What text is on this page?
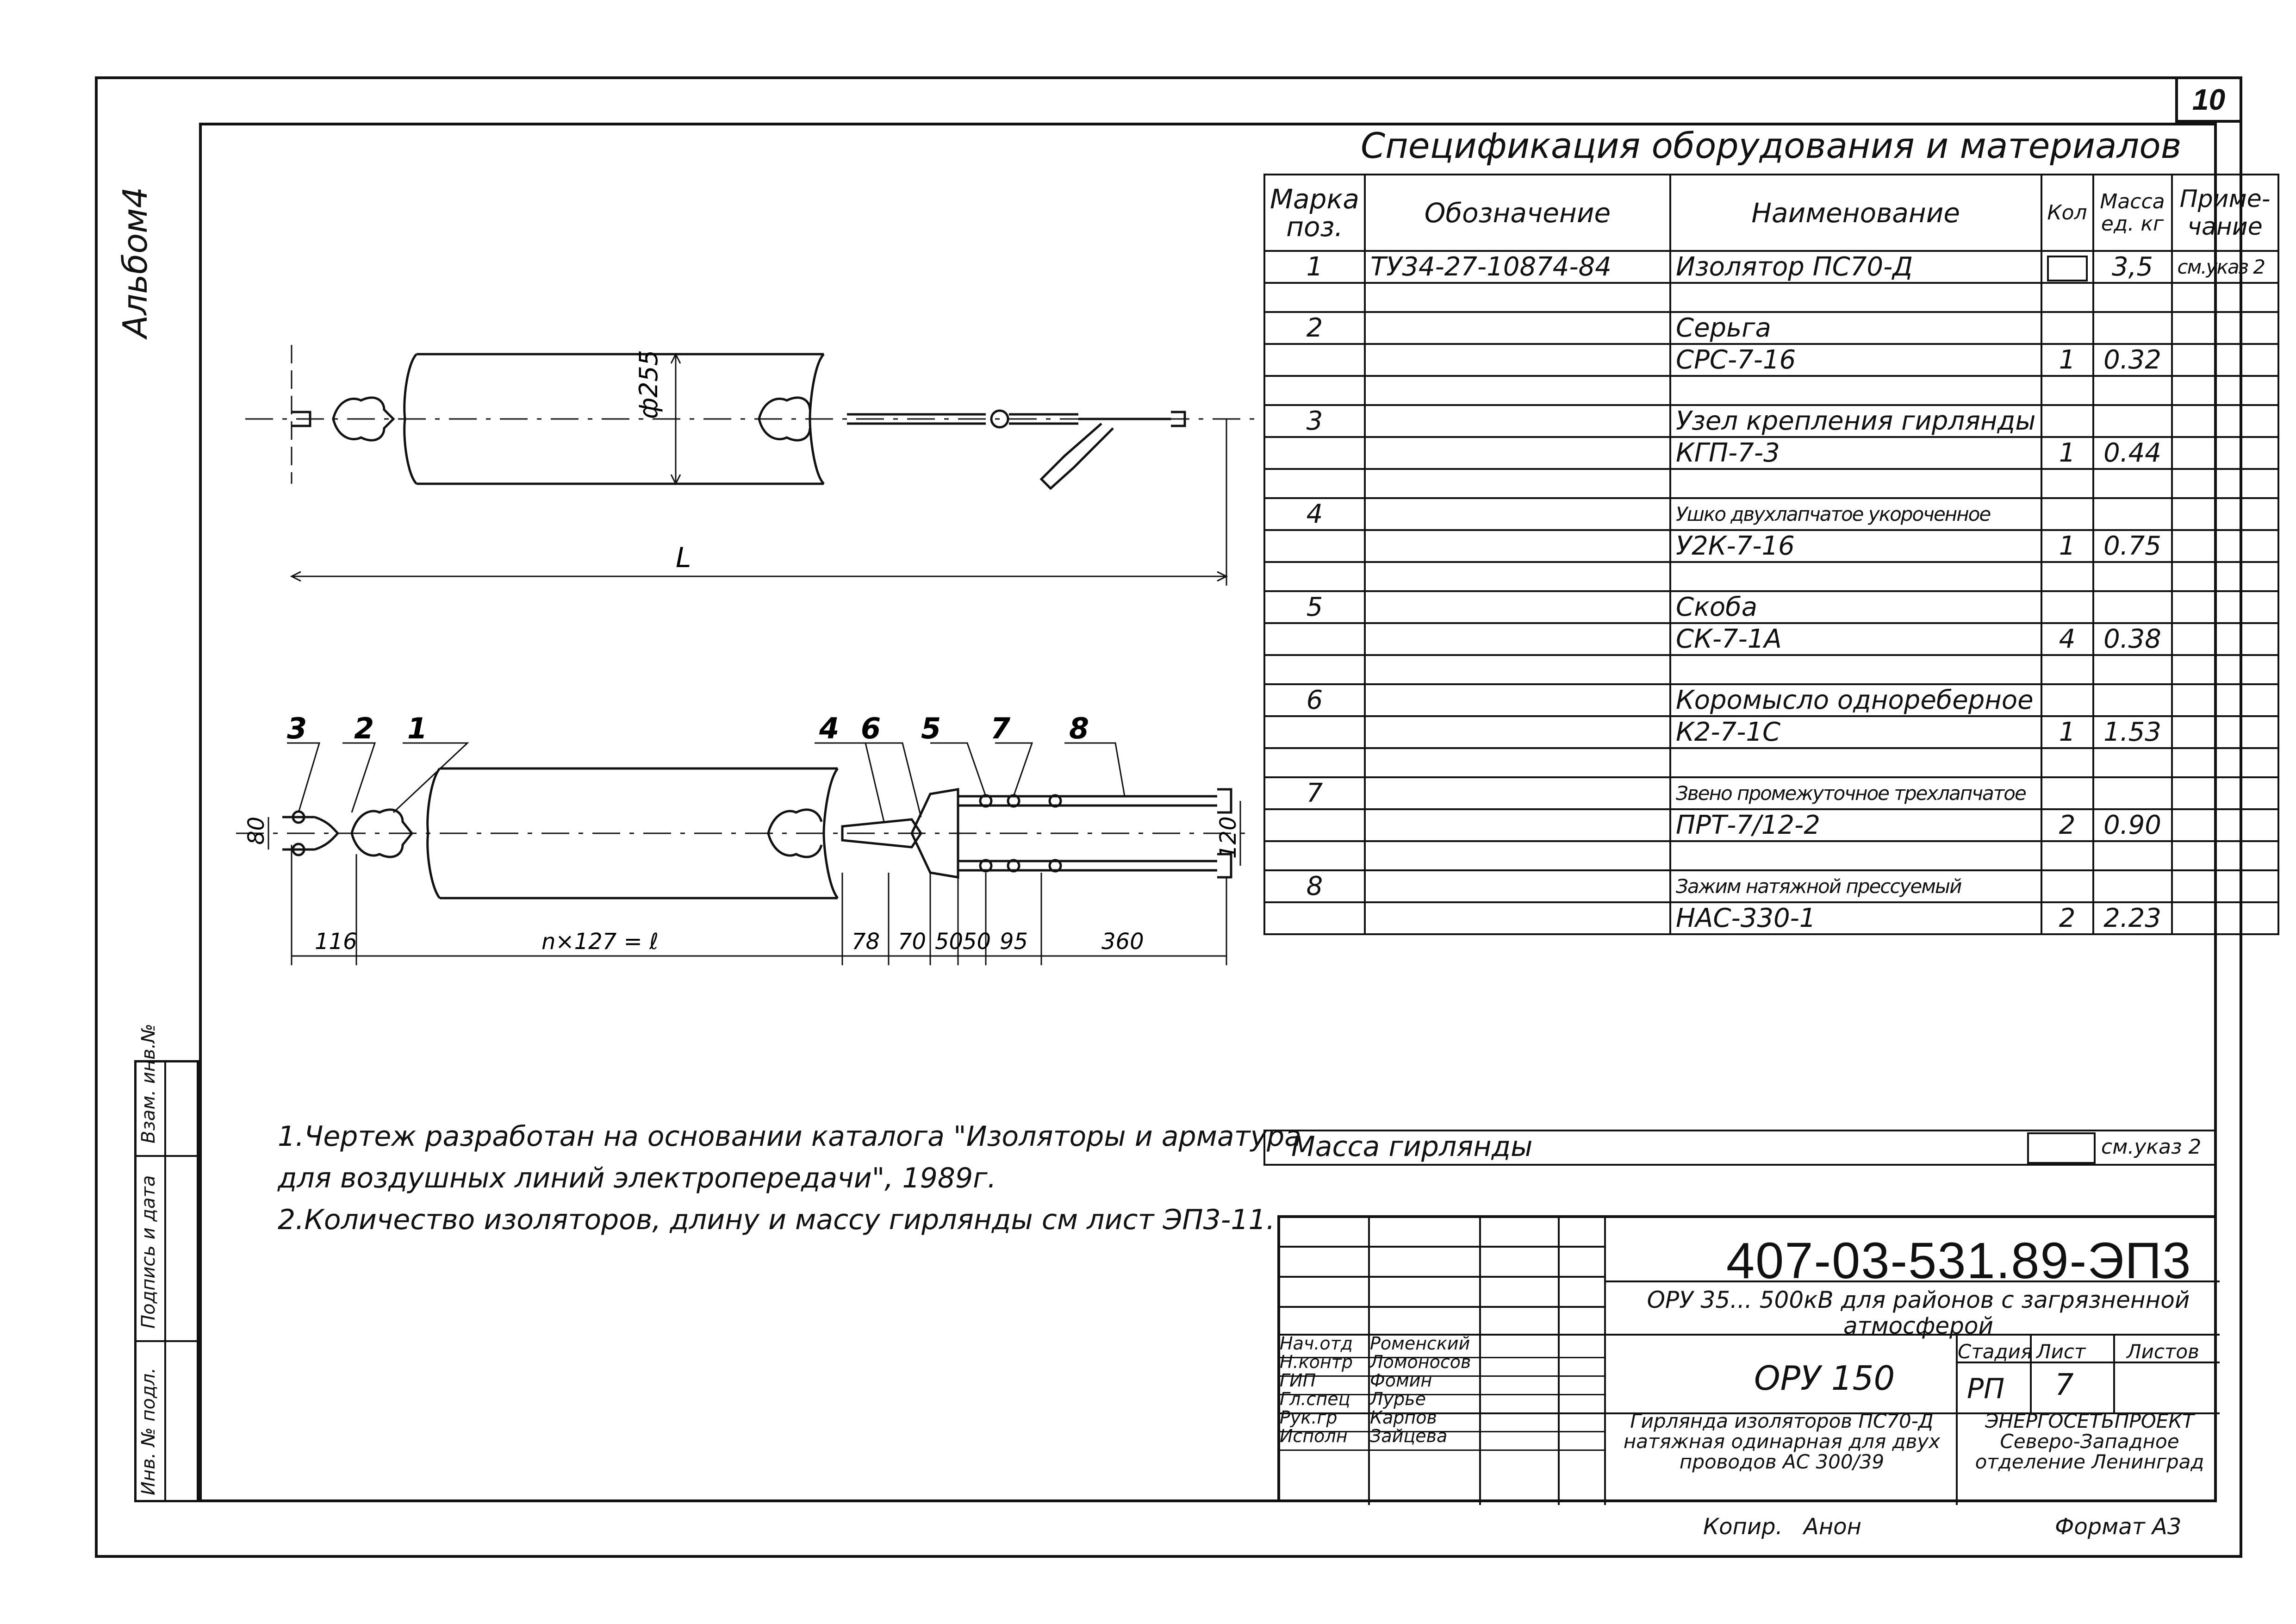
10
Альбом4
ф255
L
3 2 1	4 6 5 7 8
116	n×127 = ℓ	78 70 50
50 95	360
80	120
Спецификация оборудования и материалов
Марка поз.	Обозначение	Наименование	Кол	Масса ед. кг	Приме-чание
1	ТУ34-27-10874-84	Изолятор ПС70-Д		3,5	см.указ 2

2		Серьга			
		СРС-7-16	1	0.32	

3		Узел крепления гирлянды			
		КГП-7-3	1	0.44	

4		Ушко двухлапчатое укороченное			
		У2К-7-16	1	0.75	

5		Скоба			
		СК-7-1А	4	0.38	

6		Коромысло однореберное			
		К2-7-1С	1	1.53	

7		Звено промежуточное трехлапчатое			
		ПРТ-7/12-2	2	0.90	

8		Зажим натяжной прессуемый			
		НАС-330-1	2	2.23	
Масса гирлянды	см.указ 2
1.Чертеж разработан на основании каталога "Изоляторы и арматура
для воздушных линий электропередачи", 1989г.
2.Количество изоляторов, длину и массу гирлянды см лист ЭП3-11.
Взам. инв.№
Подпись и дата
Инв. № подл.
407-03-531.89-ЭП3
ОРУ 35... 500кВ для районов с загрязненной атмосферой
ОРУ 150
Стадия Лист Листов
РП 7
Гирлянда изоляторов ПС70-Д натяжная одинарная для двух проводов АС 300/39
ЭНЕРГОСЕТЬПРОЕКТ Северо-Западное отделение Ленинград
Нач.отд Роменский
Н.контр Ломоносов
ГИП	Фомин
Гл.спец Лурье
Рук.гр Карпов
Исполн Зайцева
Копир. Анон	Формат А3
